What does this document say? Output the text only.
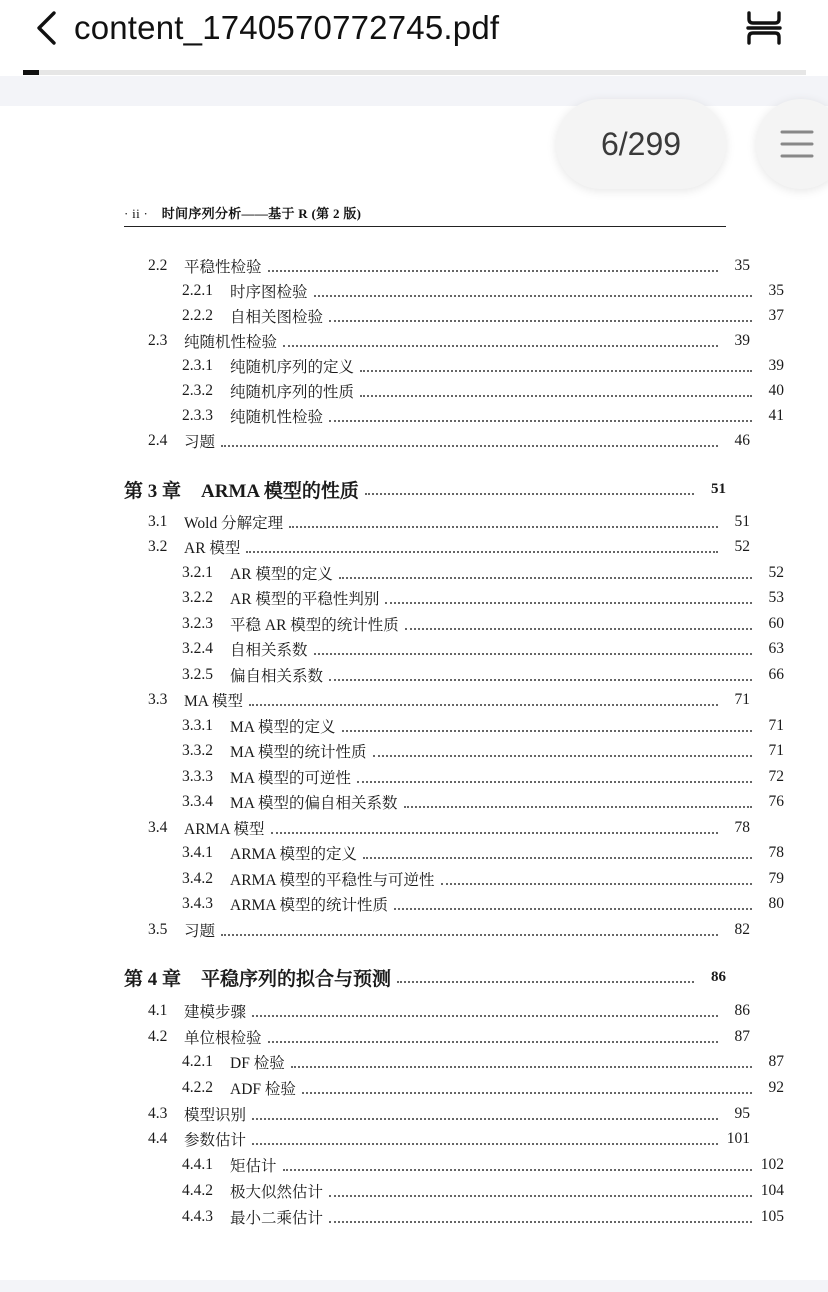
content_1740570772745.pdf
· ii · 时间序列分析——基于 R (第 2 版)
2.2	平稳性检验	35
2.2.1	时序图检验	35
2.2.2	自相关图检验	37
2.3	纯随机性检验	39
2.3.1	纯随机序列的定义	39
2.3.2	纯随机序列的性质	40
2.3.3	纯随机性检验	41
2.4	习题	46
第 3 章	ARMA 模型的性质	51
3.1	Wold 分解定理	51
3.2	AR 模型	52
3.2.1	AR 模型的定义	52
3.2.2	AR 模型的平稳性判别	53
3.2.3	平稳 AR 模型的统计性质	60
3.2.4	自相关系数	63
3.2.5	偏自相关系数	66
3.3	MA 模型	71
3.3.1	MA 模型的定义	71
3.3.2	MA 模型的统计性质	71
3.3.3	MA 模型的可逆性	72
3.3.4	MA 模型的偏自相关系数	76
3.4	ARMA 模型	78
3.4.1	ARMA 模型的定义	78
3.4.2	ARMA 模型的平稳性与可逆性	79
3.4.3	ARMA 模型的统计性质	80
3.5	习题	82
第 4 章	平稳序列的拟合与预测	86
4.1	建模步骤	86
4.2	单位根检验	87
4.2.1	DF 检验	87
4.2.2	ADF 检验	92
4.3	模型识别	95
4.4	参数估计	101
4.4.1	矩估计	102
4.4.2	极大似然估计	104
4.4.3	最小二乘估计	105
6/299
